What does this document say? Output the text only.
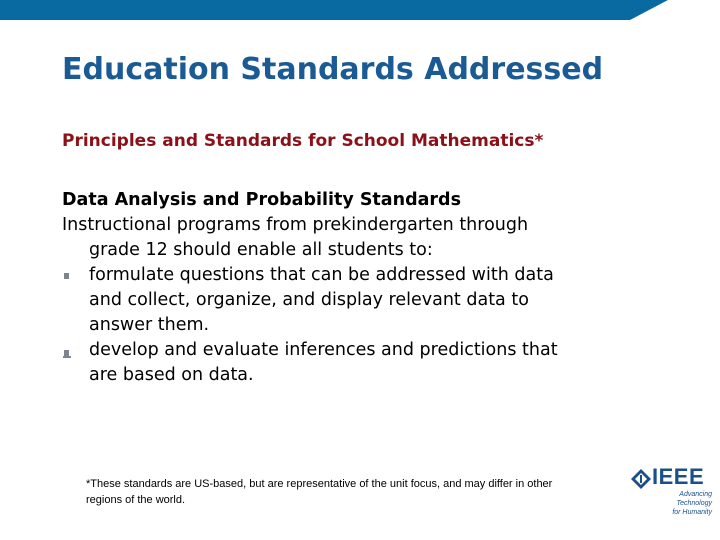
Education Standards Addressed
Principles and Standards for School Mathematics*
Data Analysis and Probability Standards
Instructional programs from prekindergarten through
grade 12 should enable all students to:
formulate questions that can be addressed with data
and collect, organize, and display relevant data to
answer them.
develop and evaluate inferences and predictions that
are based on data.
*These standards are US-based, but are representative of the unit focus, and may differ in other
regions of the world.
IEEE
Advancing Technology
for Humanity
